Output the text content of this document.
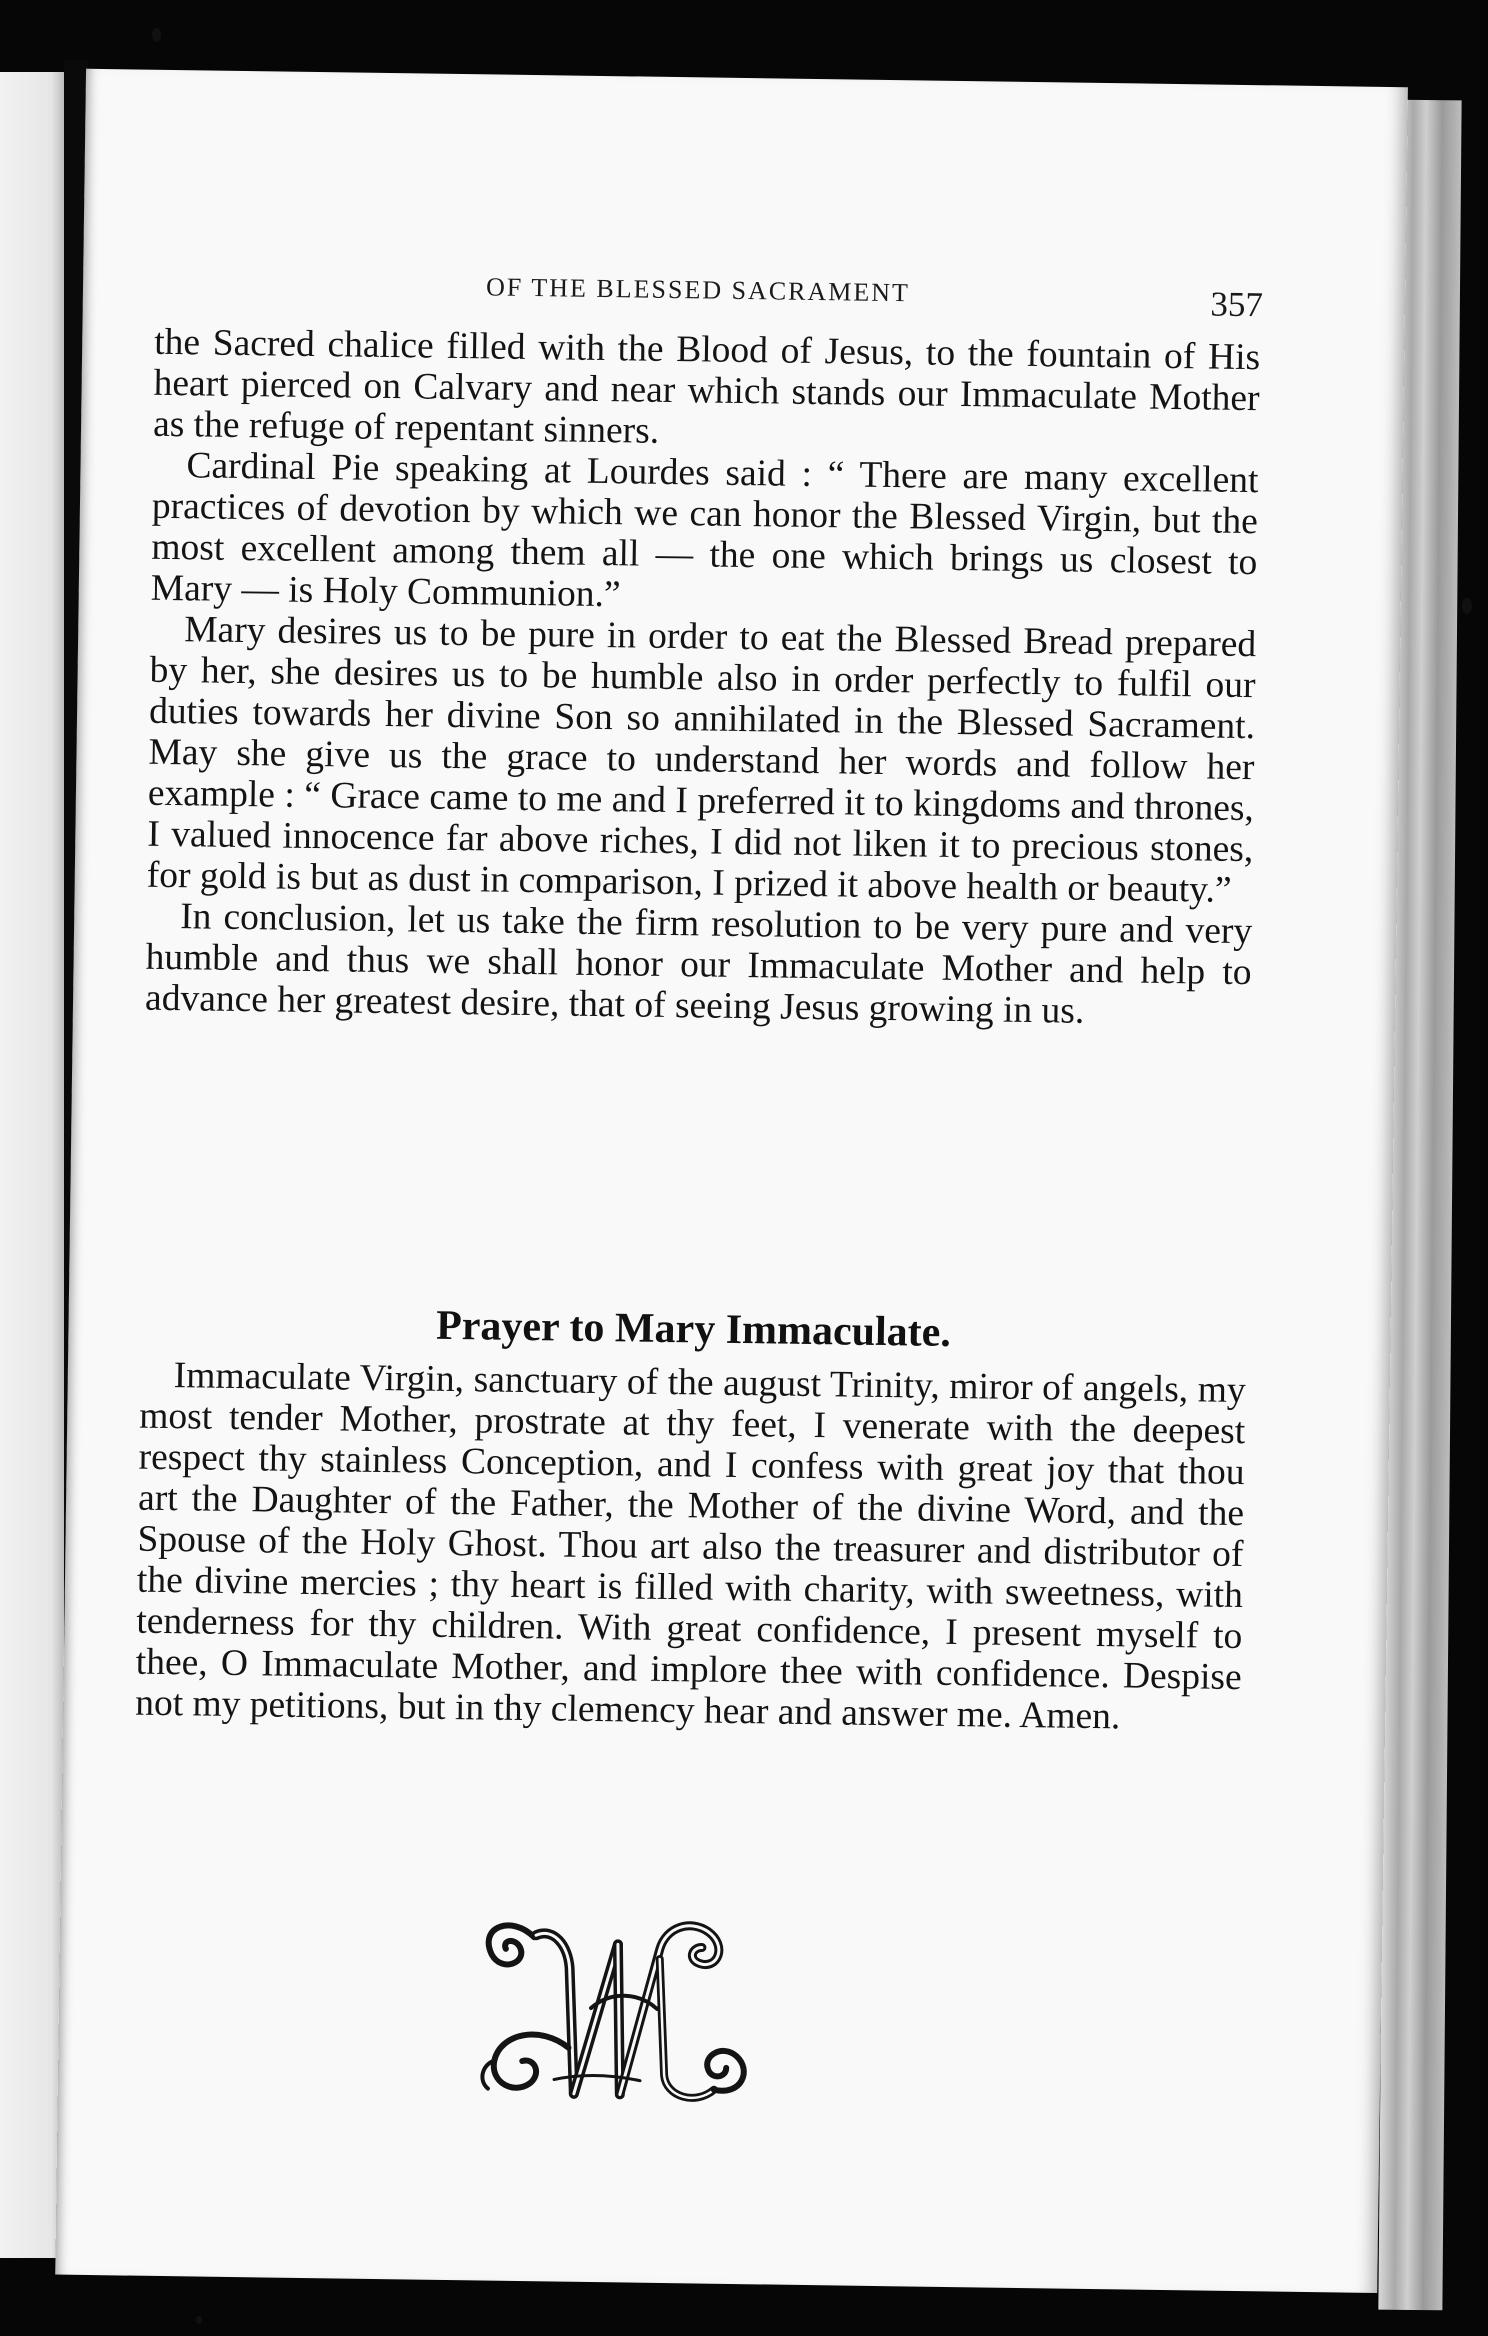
OF THE BLESSED SACRAMENT	357

the Sacred chalice filled with the Blood of Jesus, to the fountain of His heart pierced on Calvary and near which stands our Immaculate Mother as the refuge of repentant sinners.

Cardinal Pie speaking at Lourdes said : “ There are many excellent practices of devotion by which we can honor the Blessed Virgin, but the most excellent among them all — the one which brings us closest to Mary — is Holy Communion.”

Mary desires us to be pure in order to eat the Blessed Bread prepared by her, she desires us to be humble also in order perfectly to fulfil our duties towards her divine Son so annihilated in the Blessed Sacrament. May she give us the grace to understand her words and follow her example : “ Grace came to me and I preferred it to kingdoms and thrones, I valued innocence far above riches, I did not liken it to precious stones, for gold is but as dust in comparison, I prized it above health or beauty.”

In conclusion, let us take the firm resolution to be very pure and very humble and thus we shall honor our Immaculate Mother and help to advance her greatest desire, that of seeing Jesus growing in us.

Prayer to Mary Immaculate.

Immaculate Virgin, sanctuary of the august Trinity, miror of angels, my most tender Mother, prostrate at thy feet, I venerate with the deepest respect thy stainless Conception, and I confess with great joy that thou art the Daughter of the Father, the Mother of the divine Word, and the Spouse of the Holy Ghost. Thou art also the treasurer and distributor of the divine mercies ; thy heart is filled with charity, with sweetness, with tenderness for thy children. With great confidence, I present myself to thee, O Immaculate Mother, and implore thee with confidence. Despise not my petitions, but in thy clemency hear and answer me. Amen.
